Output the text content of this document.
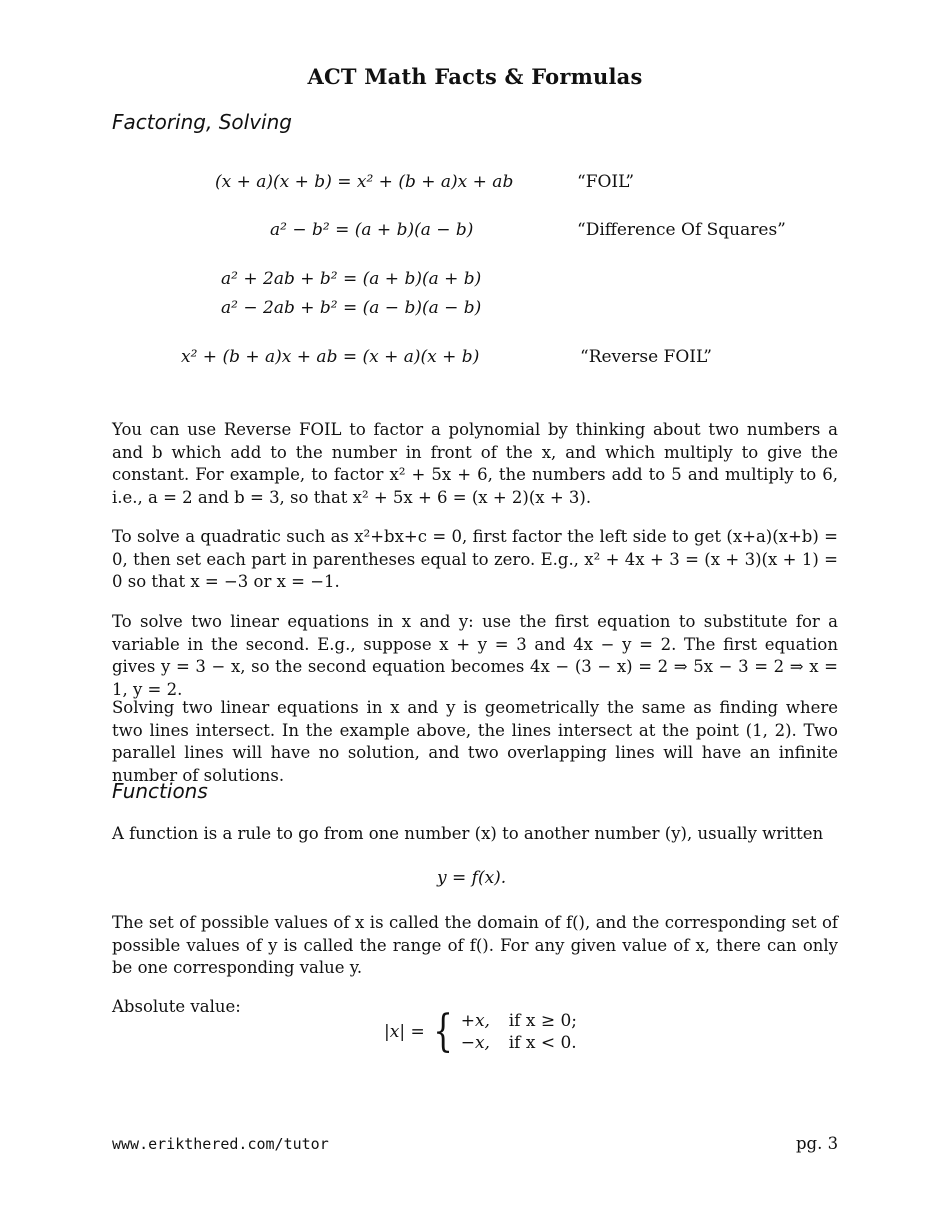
ACT Math Facts & Formulas
Factoring, Solving
(x + a)(x + b) = x² + (b + a)x + ab	“FOIL”
a² − b² = (a + b)(a − b)	“Difference Of Squares”
a² + 2ab + b² = (a + b)(a + b)
a² − 2ab + b² = (a − b)(a − b)
x² + (b + a)x + ab = (x + a)(x + b)	“Reverse FOIL”
You can use Reverse FOIL to factor a polynomial by thinking about two numbers a and b which add to the number in front of the x, and which multiply to give the constant. For example, to factor x² + 5x + 6, the numbers add to 5 and multiply to 6, i.e., a = 2 and b = 3, so that x² + 5x + 6 = (x + 2)(x + 3).
To solve a quadratic such as x²+bx+c = 0, first factor the left side to get (x+a)(x+b) = 0, then set each part in parentheses equal to zero. E.g., x² + 4x + 3 = (x + 3)(x + 1) = 0 so that x = −3 or x = −1.
To solve two linear equations in x and y: use the first equation to substitute for a variable in the second. E.g., suppose x + y = 3 and 4x − y = 2. The first equation gives y = 3 − x, so the second equation becomes 4x − (3 − x) = 2 ⇒ 5x − 3 = 2 ⇒ x = 1, y = 2.
Solving two linear equations in x and y is geometrically the same as finding where two lines intersect. In the example above, the lines intersect at the point (1, 2). Two parallel lines will have no solution, and two overlapping lines will have an infinite number of solutions.
Functions
A function is a rule to go from one number (x) to another number (y), usually written
y = f(x).
The set of possible values of x is called the domain of f(), and the corresponding set of possible values of y is called the range of f(). For any given value of x, there can only be one corresponding value y.
Absolute value:
|x| = { +x,	if x ≥ 0;
−x,	if x < 0.
www.erikthered.com/tutor	pg. 3
